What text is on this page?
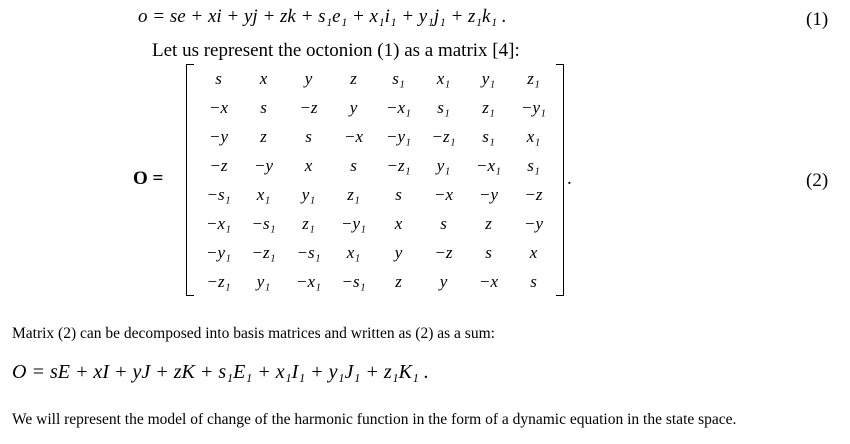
o = se + xi + yj + zk + s₁e₁ + x₁i₁ + y₁j₁ + z₁k₁ .	(1)
Let us represent the octonion (1) as a matrix [4]:
O =
s	x	y	z	s₁	x₁	y₁	z₁
−x	s	−z	y	−x₁	s₁	z₁	−y₁
−y	z	s	−x	−y₁	−z₁	s₁	x₁
−z	−y	x	s	−z₁	y₁	−x₁	s₁
−s₁	x₁	y₁	z₁	s	−x	−y	−z
−x₁	−s₁	z₁	−y₁	x	s	z	−y
−y₁	−z₁	−s₁	x₁	y	−z	s	x
−z₁	y₁	−x₁	−s₁	z	y	−x	s
.	(2)
Matrix (2) can be decomposed into basis matrices and written as (2) as a sum:
O = sE + xI + yJ + zK + s₁E₁ + x₁I₁ + y₁J₁ + z₁K₁ .
We will represent the model of change of the harmonic function in the form of a dynamic equation in the state space.
